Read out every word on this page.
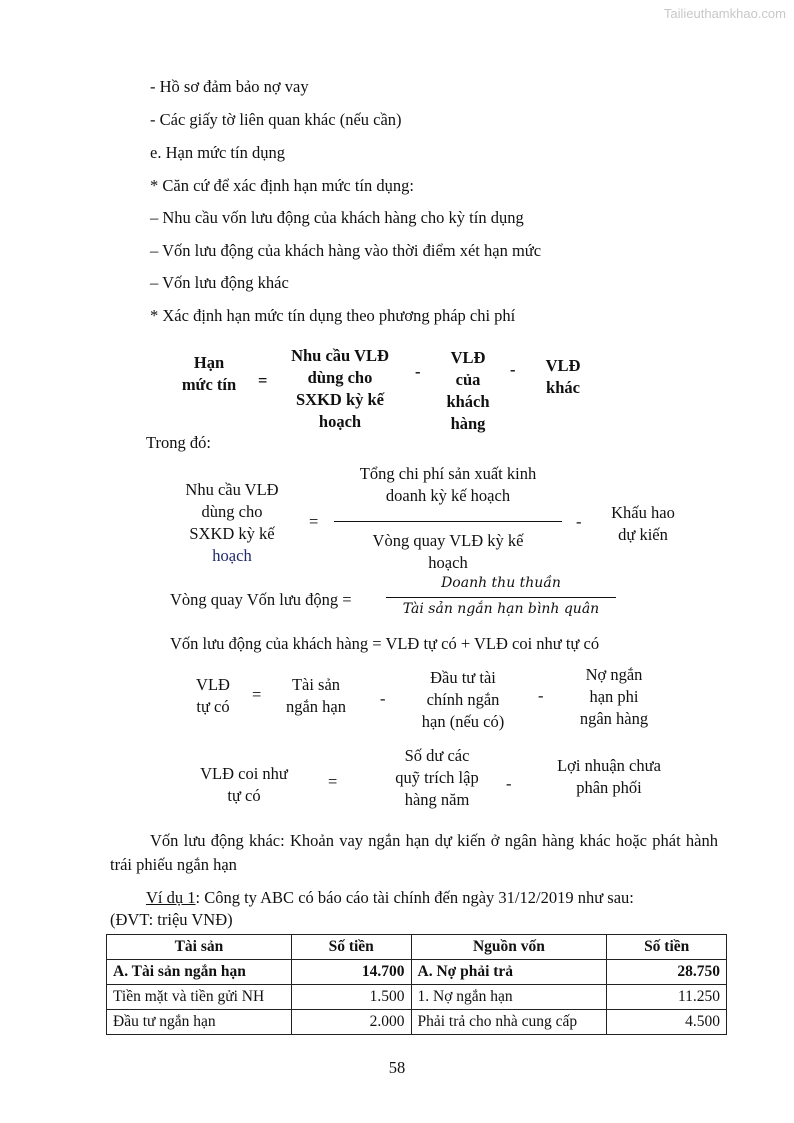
Tailieuthamkhao.com
- Hồ sơ đảm bảo nợ vay
- Các giấy tờ liên quan khác (nếu cần)
e. Hạn mức tín dụng
* Căn cứ để xác định hạn mức tín dụng:
– Nhu cầu vốn lưu động của khách hàng cho kỳ tín dụng
– Vốn lưu động của khách hàng vào thời điểm xét hạn mức
– Vốn lưu động khác
* Xác định hạn mức tín dụng theo phương pháp chi phí
Hạn
mức tín	=
Nhu cầu VLĐ
dùng cho
SXKD kỳ kế
hoạch
-
VLĐ
của
khách
hàng
-	VLĐ
khác
Trong đó:
Nhu cầu VLĐ
dùng cho
SXKD kỳ kế
hoạch
=
Tổng chi phí sản xuất kinh
doanh kỳ kế hoạch
Vòng quay VLĐ kỳ kế
hoạch
-	Khấu hao
dự kiến
Vòng quay Vốn lưu động =
Doanh thu thuần
Tài sản ngắn hạn bình quân
Vốn lưu động của khách hàng = VLĐ tự có + VLĐ coi như tự có
VLĐ
tự có
=
Tài sản
ngắn hạn	-
Đầu tư tài
chính ngắn
hạn (nếu có)
-
Nợ ngắn
hạn phi
ngân hàng
VLĐ coi như
tự có
=
Số dư các
quỹ trích lập
hàng năm
-
Lợi nhuận chưa
phân phối
Vốn lưu động khác: Khoản vay ngắn hạn dự kiến ở ngân hàng khác hoặc phát hành trái phiếu ngắn hạn
Ví dụ 1: Công ty ABC có báo cáo tài chính đến ngày 31/12/2019 như sau:
(ĐVT: triệu VNĐ)
Tài sản	Số tiền	Nguồn vốn	Số tiền
A. Tài sản ngắn hạn	14.700	A. Nợ phải trả	28.750
Tiền mặt và tiền gửi NH	1.500	1. Nợ ngắn hạn	11.250
Đầu tư ngắn hạn	2.000	Phải trả cho nhà cung cấp	4.500
58
